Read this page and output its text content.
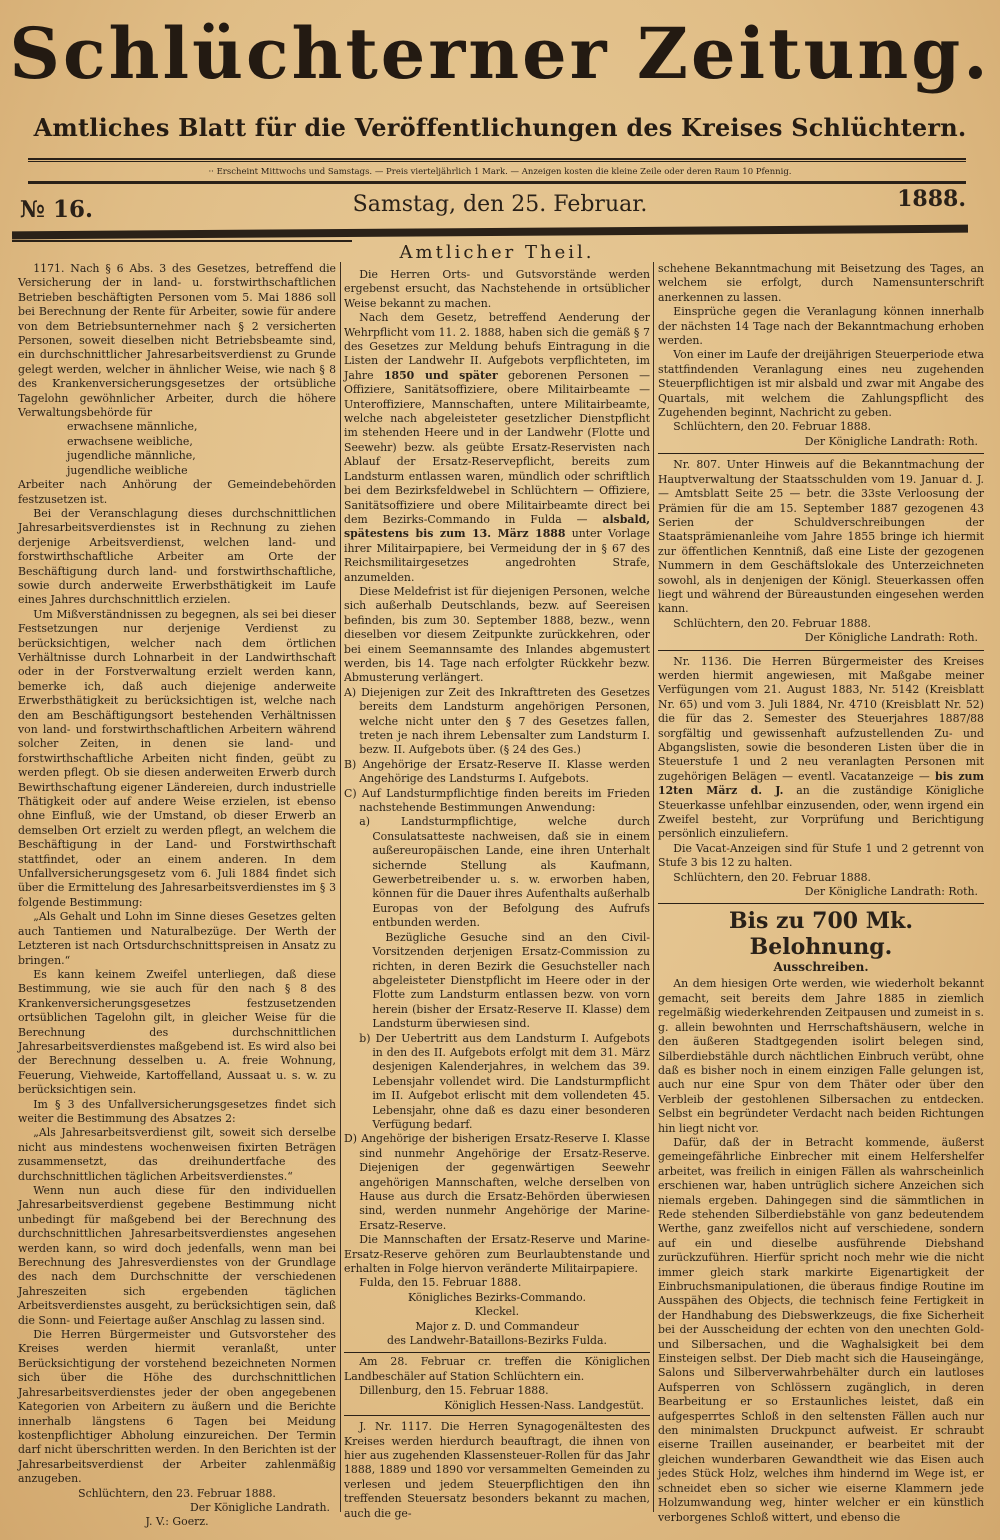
Schlüchterner Zeitung.
Amtliches Blatt für die Veröffentlichungen des Kreises Schlüchtern.
·· Erscheint Mittwochs und Samstags. — Preis vierteljährlich 1 Mark. — Anzeigen kosten die kleine Zeile oder deren Raum 10 Pfennig.
№ 16.	Samstag, den 25. Februar.	1888.

1171. Nach § 6 Abs. 3 des Gesetzes, betreffend die Versicherung der in land- u. forstwirthschaftlichen Betrieben beschäftigten Personen vom 5. Mai 1886 soll bei Berechnung der Rente für Arbeiter, sowie für andere von dem Betriebsunternehmer nach § 2 versicherten Personen, soweit dieselben nicht Betriebsbeamte sind, ein durchschnittlicher Jahresarbeitsverdienst zu Grunde gelegt werden, welcher in ähnlicher Weise, wie nach § 8 des Krankenversicherungsgesetzes der ortsübliche Tagelohn gewöhnlicher Arbeiter, durch die höhere Verwaltungsbehörde für

erwachsene männliche,

erwachsene weibliche,

jugendliche männliche,

jugendliche weibliche

Arbeiter nach Anhörung der Gemeindebehörden festzusetzen ist.

Bei der Veranschlagung dieses durchschnittlichen Jahresarbeitsverdienstes ist in Rechnung zu ziehen derjenige Arbeitsverdienst, welchen land- und forstwirthschaftliche Arbeiter am Orte der Beschäftigung durch land- und forstwirthschaftliche, sowie durch anderweite Erwerbsthätigkeit im Laufe eines Jahres durchschnittlich erzielen.

Um Mißverständnissen zu begegnen, als sei bei dieser Festsetzungen nur derjenige Verdienst zu berücksichtigen, welcher nach dem örtlichen Verhältnisse durch Lohnarbeit in der Landwirthschaft oder in der Forstverwaltung erzielt werden kann, bemerke ich, daß auch diejenige anderweite Erwerbsthätigkeit zu berücksichtigen ist, welche nach den am Beschäftigungsort bestehenden Verhältnissen von land- und forstwirthschaftlichen Arbeitern während solcher Zeiten, in denen sie land- und forstwirthschaftliche Arbeiten nicht finden, geübt zu werden pflegt. Ob sie diesen anderweiten Erwerb durch Bewirthschaftung eigener Ländereien, durch industrielle Thätigkeit oder auf andere Weise erzielen, ist ebenso ohne Einfluß, wie der Umstand, ob dieser Erwerb an demselben Ort erzielt zu werden pflegt, an welchem die Beschäftigung in der Land- und Forstwirthschaft stattfindet, oder an einem anderen. In dem Unfallversicherungsgesetz vom 6. Juli 1884 findet sich über die Ermittelung des Jahresarbeitsverdienstes im § 3 folgende Bestimmung:

„Als Gehalt und Lohn im Sinne dieses Gesetzes gelten auch Tantiemen und Naturalbezüge. Der Werth der Letzteren ist nach Ortsdurchschnittspreisen in Ansatz zu bringen.“

Es kann keinem Zweifel unterliegen, daß diese Bestimmung, wie sie auch für den nach § 8 des Krankenversicherungsgesetzes festzusetzenden ortsüblichen Tagelohn gilt, in gleicher Weise für die Berechnung des durchschnittlichen Jahresarbeitsverdienstes maßgebend ist. Es wird also bei der Berechnung desselben u. A. freie Wohnung, Feuerung, Viehweide, Kartoffelland, Aussaat u. s. w. zu berücksichtigen sein.

Im § 3 des Unfallversicherungsgesetzes findet sich weiter die Bestimmung des Absatzes 2:

„Als Jahresarbeitsverdienst gilt, soweit sich derselbe nicht aus mindestens wochenweisen fixirten Beträgen zusammensetzt, das dreihundertfache des durchschnittlichen täglichen Arbeitsverdienstes.“

Wenn nun auch diese für den individuellen Jahresarbeitsverdienst gegebene Bestimmung nicht unbedingt für maßgebend bei der Berechnung des durchschnittlichen Jahresarbeitsverdienstes angesehen werden kann, so wird doch jedenfalls, wenn man bei Berechnung des Jahresverdienstes von der Grundlage des nach dem Durchschnitte der verschiedenen Jahreszeiten sich ergebenden täglichen Arbeitsverdienstes ausgeht, zu berücksichtigen sein, daß die Sonn- und Feiertage außer Anschlag zu lassen sind.

Die Herren Bürgermeister und Gutsvorsteher des Kreises werden hiermit veranlaßt, unter Berücksichtigung der vorstehend bezeichneten Normen sich über die Höhe des durchschnittlichen Jahresarbeitsverdienstes jeder der oben angegebenen Kategorien von Arbeitern zu äußern und die Berichte innerhalb längstens 6 Tagen bei Meidung kostenpflichtiger Abholung einzureichen. Der Termin darf nicht überschritten werden. In den Berichten ist der Jahresarbeitsverdienst der Arbeiter zahlenmäßig anzugeben.

Schlüchtern, den 23. Februar 1888.

Der Königliche Landrath.

J. V.: Goerz.

Amtlicher Theil.

Die Herren Orts- und Gutsvorstände werden ergebenst ersucht, das Nachstehende in ortsüblicher Weise bekannt zu machen.

Nach dem Gesetz, betreffend Aenderung der Wehrpflicht vom 11. 2. 1888, haben sich die gemäß § 7 des Gesetzes zur Meldung behufs Eintragung in die Listen der Landwehr II. Aufgebots verpflichteten, im Jahre 1850 und später geborenen Personen — Offiziere, Sanitätsoffiziere, obere Militairbeamte — Unteroffiziere, Mannschaften, untere Militairbeamte, welche nach abgeleisteter gesetzlicher Dienstpflicht im stehenden Heere und in der Landwehr (Flotte und Seewehr) bezw. als geübte Ersatz-Reservisten nach Ablauf der Ersatz-Reservepflicht, bereits zum Landsturm entlassen waren, mündlich oder schriftlich bei dem Bezirksfeldwebel in Schlüchtern — Offiziere, Sanitätsoffiziere und obere Militairbeamte direct bei dem Bezirks-Commando in Fulda — alsbald, spätestens bis zum 13. März 1888 unter Vorlage ihrer Militairpapiere, bei Vermeidung der in § 67 des Reichsmilitairgesetzes angedrohten Strafe, anzumelden.

Diese Meldefrist ist für diejenigen Personen, welche sich außerhalb Deutschlands, bezw. auf Seereisen befinden, bis zum 30. September 1888, bezw., wenn dieselben vor diesem Zeitpunkte zurückkehren, oder bei einem Seemannsamte des Inlandes abgemustert werden, bis 14. Tage nach erfolgter Rückkehr bezw. Abmusterung verlängert.

A) Diejenigen zur Zeit des Inkrafttreten des Gesetzes bereits dem Landsturm angehörigen Personen, welche nicht unter den § 7 des Gesetzes fallen, treten je nach ihrem Lebensalter zum Landsturm I. bezw. II. Aufgebots über. (§ 24 des Ges.)

B) Angehörige der Ersatz-Reserve II. Klasse werden Angehörige des Landsturms I. Aufgebots.

C) Auf Landsturmpflichtige finden bereits im Frieden nachstehende Bestimmungen Anwendung:

a) Landsturmpflichtige, welche durch Consulatsatteste nachweisen, daß sie in einem außereuropäischen Lande, eine ihren Unterhalt sichernde Stellung als Kaufmann, Gewerbetreibender u. s. w. erworben haben, können für die Dauer ihres Aufenthalts außerhalb Europas von der Befolgung des Aufrufs entbunden werden.

Bezügliche Gesuche sind an den Civil-Vorsitzenden derjenigen Ersatz-Commission zu richten, in deren Bezirk die Gesuchsteller nach abgeleisteter Dienstpflicht im Heere oder in der Flotte zum Landsturm entlassen bezw. von vorn herein (bisher der Ersatz-Reserve II. Klasse) dem Landsturm überwiesen sind.

b) Der Uebertritt aus dem Landsturm I. Aufgebots in den des II. Aufgebots erfolgt mit dem 31. März desjenigen Kalenderjahres, in welchem das 39. Lebensjahr vollendet wird. Die Landsturmpflicht im II. Aufgebot erlischt mit dem vollendeten 45. Lebensjahr, ohne daß es dazu einer besonderen Verfügung bedarf.

D) Angehörige der bisherigen Ersatz-Reserve I. Klasse sind nunmehr Angehörige der Ersatz-Reserve. Diejenigen der gegenwärtigen Seewehr angehörigen Mannschaften, welche derselben von Hause aus durch die Ersatz-Behörden überwiesen sind, werden nunmehr Angehörige der Marine-Ersatz-Reserve.

Die Mannschaften der Ersatz-Reserve und Marine-Ersatz-Reserve gehören zum Beurlaubtenstande und erhalten in Folge hiervon veränderte Militairpapiere.

Fulda, den 15. Februar 1888.

Königliches Bezirks-Commando.

Kleckel.

Major z. D. und Commandeur

des Landwehr-Bataillons-Bezirks Fulda.

Am 28. Februar cr. treffen die Königlichen Landbeschäler auf Station Schlüchtern ein.

Dillenburg, den 15. Februar 1888.

Königlich Hessen-Nass. Landgestüt.

J. Nr. 1117. Die Herren Synagogenältesten des Kreises werden hierdurch beauftragt, die ihnen von hier aus zugehenden Klassensteuer-Rollen für das Jahr 1888, 1889 und 1890 vor versammelten Gemeinden zu verlesen und jedem Steuerpflichtigen den ihn treffenden Steuersatz besonders bekannt zu machen, auch die ge-

schehene Bekanntmachung mit Beisetzung des Tages, an welchem sie erfolgt, durch Namensunterschrift anerkennen zu lassen.

Einsprüche gegen die Veranlagung können innerhalb der nächsten 14 Tage nach der Bekanntmachung erhoben werden.

Von einer im Laufe der dreijährigen Steuerperiode etwa stattfindenden Veranlagung eines neu zugehenden Steuerpflichtigen ist mir alsbald und zwar mit Angabe des Quartals, mit welchem die Zahlungspflicht des Zugehenden beginnt, Nachricht zu geben.

Schlüchtern, den 20. Februar 1888.

Der Königliche Landrath: Roth.

Nr. 807. Unter Hinweis auf die Bekanntmachung der Hauptverwaltung der Staatsschulden vom 19. Januar d. J. — Amtsblatt Seite 25 — betr. die 33ste Verloosung der Prämien für die am 15. September 1887 gezogenen 43 Serien der Schuldverschreibungen der Staatsprämienanleihe vom Jahre 1855 bringe ich hiermit zur öffentlichen Kenntniß, daß eine Liste der gezogenen Nummern in dem Geschäftslokale des Unterzeichneten sowohl, als in denjenigen der Königl. Steuerkassen offen liegt und während der Büreaustunden eingesehen werden kann.

Schlüchtern, den 20. Februar 1888.

Der Königliche Landrath: Roth.

Nr. 1136. Die Herren Bürgermeister des Kreises werden hiermit angewiesen, mit Maßgabe meiner Verfügungen vom 21. August 1883, Nr. 5142 (Kreisblatt Nr. 65) und vom 3. Juli 1884, Nr. 4710 (Kreisblatt Nr. 52) die für das 2. Semester des Steuerjahres 1887/88 sorgfältig und gewissenhaft aufzustellenden Zu- und Abgangslisten, sowie die besonderen Listen über die in Steuerstufe 1 und 2 neu veranlagten Personen mit zugehörigen Belägen — eventl. Vacatanzeige — bis zum 12ten März d. J. an die zuständige Königliche Steuerkasse unfehlbar einzusenden, oder, wenn irgend ein Zweifel besteht, zur Vorprüfung und Berichtigung persönlich einzuliefern.

Die Vacat-Anzeigen sind für Stufe 1 und 2 getrennt von Stufe 3 bis 12 zu halten.

Schlüchtern, den 20. Februar 1888.

Der Königliche Landrath: Roth.

Bis zu 700 Mk. Belohnung.
Ausschreiben.

An dem hiesigen Orte werden, wie wiederholt bekannt gemacht, seit bereits dem Jahre 1885 in ziemlich regelmäßig wiederkehrenden Zeitpausen und zumeist in s. g. allein bewohnten und Herrschaftshäusern, welche in den äußeren Stadtgegenden isolirt belegen sind, Silberdiebstähle durch nächtlichen Einbruch verübt, ohne daß es bisher noch in einem einzigen Falle gelungen ist, auch nur eine Spur von dem Thäter oder über den Verbleib der gestohlenen Silbersachen zu entdecken. Selbst ein begründeter Verdacht nach beiden Richtungen hin liegt nicht vor.

Dafür, daß der in Betracht kommende, äußerst gemeingefährliche Einbrecher mit einem Helfershelfer arbeitet, was freilich in einigen Fällen als wahrscheinlich erschienen war, haben untrüglich sichere Anzeichen sich niemals ergeben. Dahingegen sind die sämmtlichen in Rede stehenden Silberdiebstähle von ganz bedeutendem Werthe, ganz zweifellos nicht auf verschiedene, sondern auf ein und dieselbe ausführende Diebshand zurückzuführen. Hierfür spricht noch mehr wie die nicht immer gleich stark markirte Eigenartigkeit der Einbruchsmanipulationen, die überaus findige Routine im Ausspähen des Objects, die technisch feine Fertigkeit in der Handhabung des Diebswerkzeugs, die fixe Sicherheit bei der Ausscheidung der echten von den unechten Gold- und Silbersachen, und die Waghalsigkeit bei dem Einsteigen selbst. Der Dieb macht sich die Hauseingänge, Salons und Silberverwahrbehälter durch ein lautloses Aufsperren von Schlössern zugänglich, in deren Bearbeitung er so Erstaunliches leistet, daß ein aufgesperrtes Schloß in den seltensten Fällen auch nur den minimalsten Druckpunct aufweist. Er schraubt eiserne Traillen auseinander, er bearbeitet mit der gleichen wunderbaren Gewandtheit wie das Eisen auch jedes Stück Holz, welches ihm hindernd im Wege ist, er schneidet eben so sicher wie eiserne Klammern jede Holzumwandung weg, hinter welcher er ein künstlich verborgenes Schloß wittert, und ebenso die
